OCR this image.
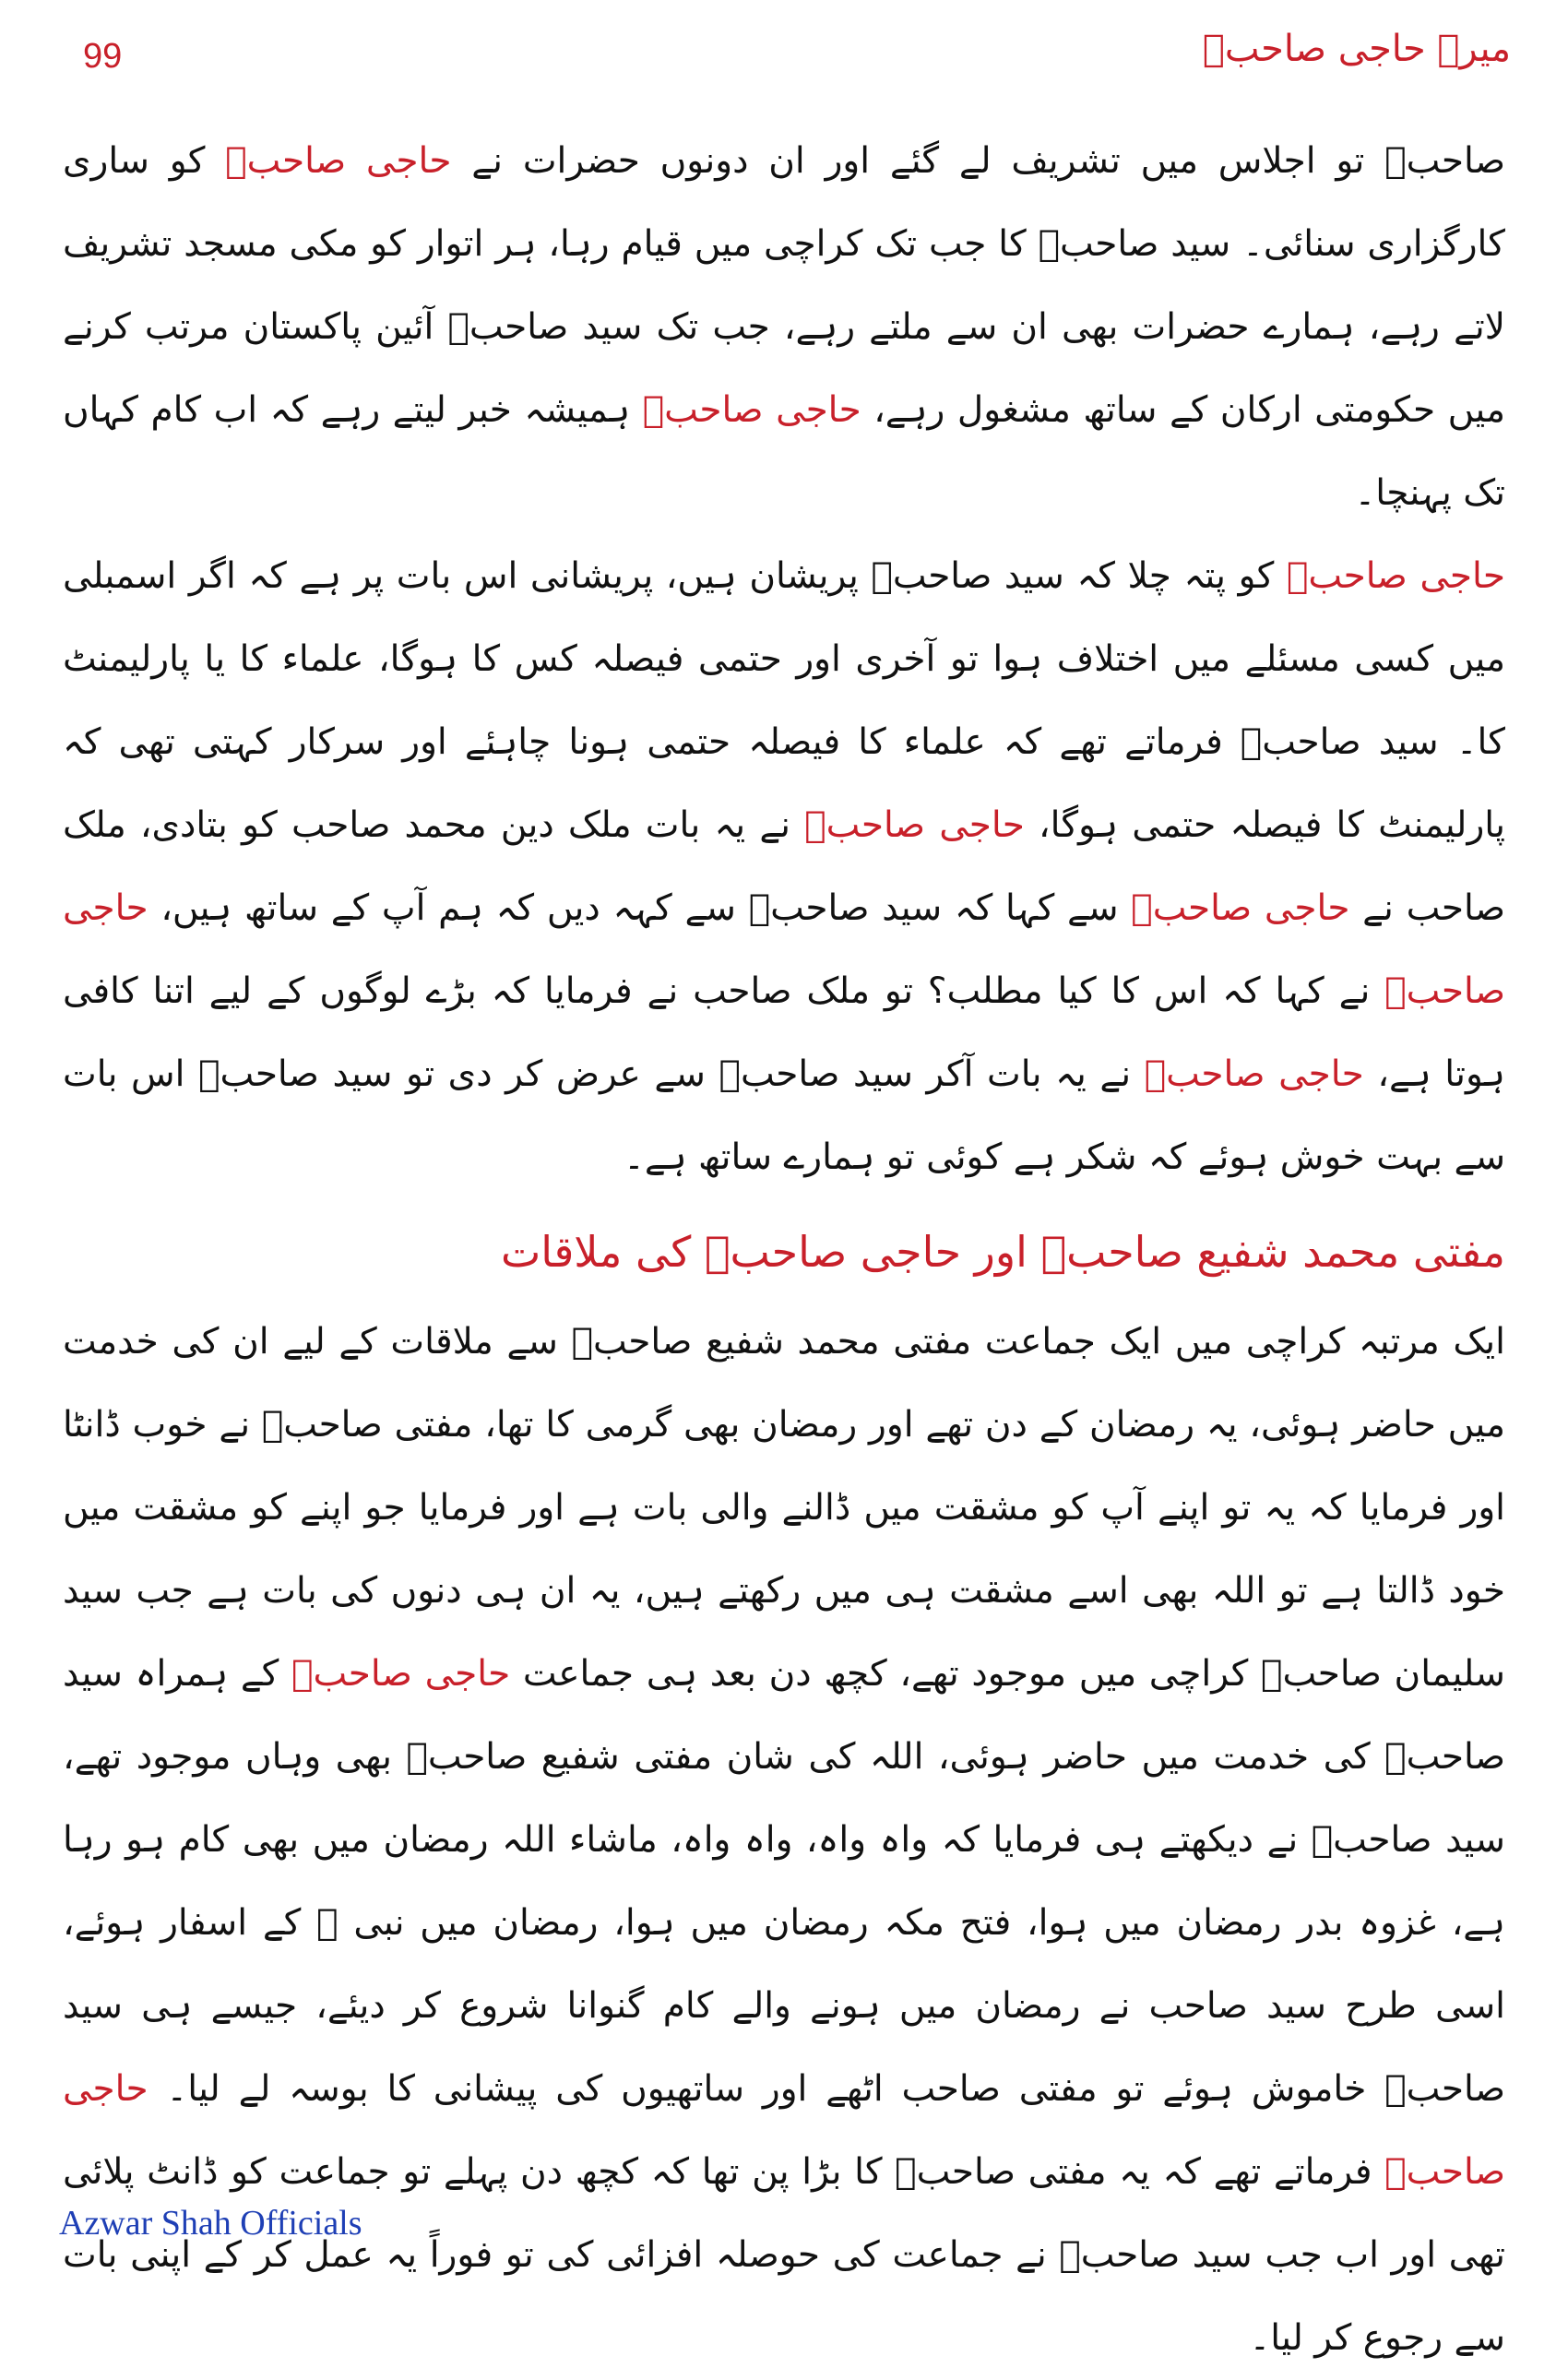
99	میرے حاجی صاحبؒ

صاحبؒ تو اجلاس میں تشریف لے گئے اور ان دونوں حضرات نے حاجی صاحبؒ کو ساری کارگزاری سنائی۔ سید صاحبؒ کا جب تک کراچی میں قیام رہا، ہر اتوار کو مکی مسجد تشریف لاتے رہے، ہمارے حضرات بھی ان سے ملتے رہے، جب تک سید صاحبؒ آئین پاکستان مرتب کرنے میں حکومتی ارکان کے ساتھ مشغول رہے، حاجی صاحبؒ ہمیشہ خبر لیتے رہے کہ اب کام کہاں تک پہنچا۔

حاجی صاحبؒ کو پتہ چلا کہ سید صاحبؒ پریشان ہیں، پریشانی اس بات پر ہے کہ اگر اسمبلی میں کسی مسئلے میں اختلاف ہوا تو آخری اور حتمی فیصلہ کس کا ہوگا، علماء کا یا پارلیمنٹ کا۔ سید صاحبؒ فرماتے تھے کہ علماء کا فیصلہ حتمی ہونا چاہئے اور سرکار کہتی تھی کہ پارلیمنٹ کا فیصلہ حتمی ہوگا، حاجی صاحبؒ نے یہ بات ملک دین محمد صاحب کو بتادی، ملک صاحب نے حاجی صاحبؒ سے کہا کہ سید صاحبؒ سے کہہ دیں کہ ہم آپ کے ساتھ ہیں، حاجی صاحبؒ نے کہا کہ اس کا کیا مطلب؟ تو ملک صاحب نے فرمایا کہ بڑے لوگوں کے لیے اتنا کافی ہوتا ہے، حاجی صاحبؒ نے یہ بات آکر سید صاحبؒ سے عرض کر دی تو سید صاحبؒ اس بات سے بہت خوش ہوئے کہ شکر ہے کوئی تو ہمارے ساتھ ہے۔

مفتی محمد شفیع صاحبؒ اور حاجی صاحبؒ کی ملاقات

ایک مرتبہ کراچی میں ایک جماعت مفتی محمد شفیع صاحبؒ سے ملاقات کے لیے ان کی خدمت میں حاضر ہوئی، یہ رمضان کے دن تھے اور رمضان بھی گرمی کا تھا، مفتی صاحبؒ نے خوب ڈانٹا اور فرمایا کہ یہ تو اپنے آپ کو مشقت میں ڈالنے والی بات ہے اور فرمایا جو اپنے کو مشقت میں خود ڈالتا ہے تو اللہ بھی اسے مشقت ہی میں رکھتے ہیں، یہ ان ہی دنوں کی بات ہے جب سید سلیمان صاحبؒ کراچی میں موجود تھے، کچھ دن بعد ہی جماعت حاجی صاحبؒ کے ہمراہ سید صاحبؒ کی خدمت میں حاضر ہوئی، اللہ کی شان مفتی شفیع صاحبؒ بھی وہاں موجود تھے، سید صاحبؒ نے دیکھتے ہی فرمایا کہ واہ واہ، واہ واہ، ماشاء اللہ رمضان میں بھی کام ہو رہا ہے، غزوہ بدر رمضان میں ہوا، فتح مکہ رمضان میں ہوا، رمضان میں نبی ﷺ کے اسفار ہوئے، اسی طرح سید صاحب نے رمضان میں ہونے والے کام گنوانا شروع کر دیئے، جیسے ہی سید صاحبؒ خاموش ہوئے تو مفتی صاحب اٹھے اور ساتھیوں کی پیشانی کا بوسہ لے لیا۔ حاجی صاحبؒ فرماتے تھے کہ یہ مفتی صاحبؒ کا بڑا پن تھا کہ کچھ دن پہلے تو جماعت کو ڈانٹ پلائی تھی اور اب جب سید صاحبؒ نے جماعت کی حوصلہ افزائی کی تو فوراً یہ عمل کر کے اپنی بات سے رجوع کر لیا۔

Azwar Shah Officials
